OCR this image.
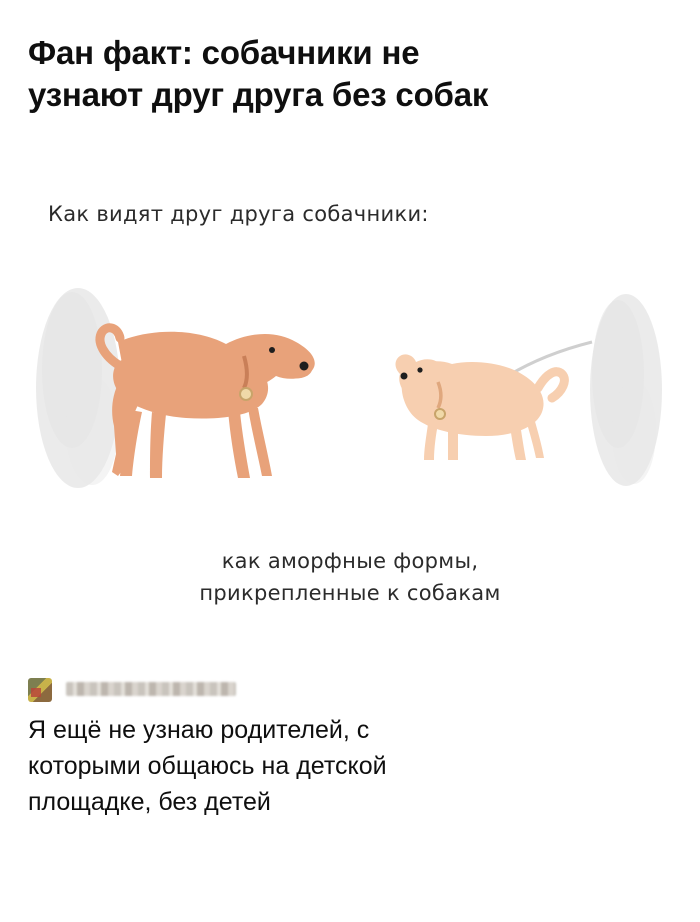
Фан факт: собачники не
узнают друг друга без собак
Как видят друг друга собачники:
как аморфные формы,
прикрепленные к собакам
Я ещё не узнаю родителей, с
которыми общаюсь на детской
площадке, без детей
